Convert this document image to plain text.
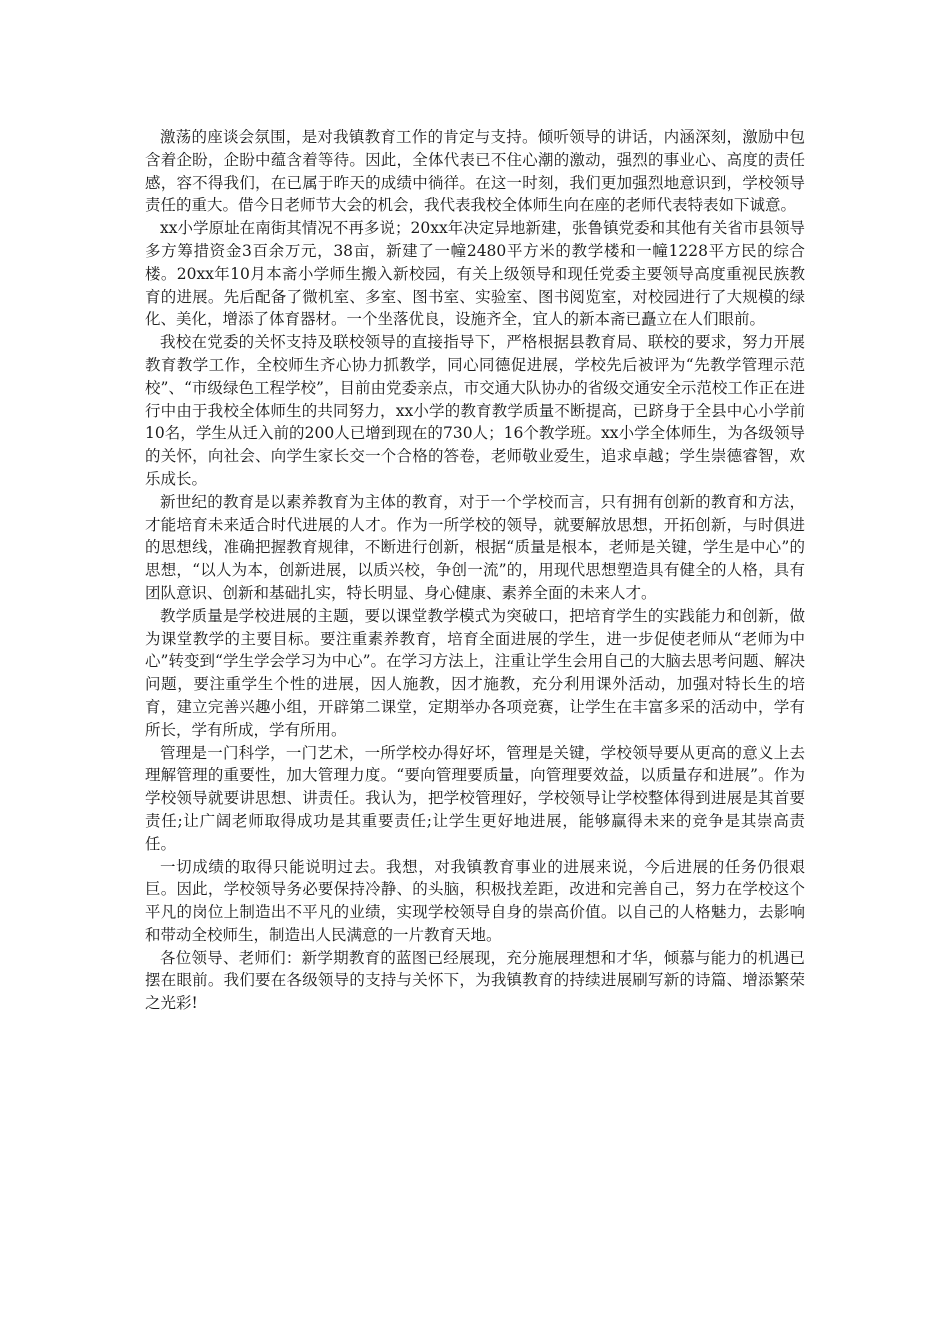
激荡的座谈会氛围，是对我镇教育工作的肯定与支持。倾听领导的讲话，内涵深刻，激励中包含着企盼，企盼中蕴含着等待。因此，全体代表已不住心潮的激动，强烈的事业心、高度的责任感，容不得我们，在已属于昨天的成绩中徜徉。在这一时刻，我们更加强烈地意识到，学校领导责任的重大。借今日老师节大会的机会，我代表我校全体师生向在座的老师代表特表如下诚意。

xx小学原址在南街其情况不再多说；20xx年决定异地新建，张鲁镇党委和其他有关省市县领导多方筹措资金3百余万元，38亩，新建了一幢2480平方米的教学楼和一幢1228平方民的综合楼。20xx年10月本斋小学师生搬入新校园，有关上级领导和现任党委主要领导高度重视民族教育的进展。先后配备了微机室、多室、图书室、实验室、图书阅览室，对校园进行了大规模的绿化、美化，增添了体育器材。一个坐落优良，设施齐全，宜人的新本斋已矗立在人们眼前。

我校在党委的关怀支持及联校领导的直接指导下，严格根据县教育局、联校的要求，努力开展教育教学工作，全校师生齐心协力抓教学，同心同德促进展，学校先后被评为“先教学管理示范校”、“市级绿色工程学校”，目前由党委亲点，市交通大队协办的省级交通安全示范校工作正在进行中由于我校全体师生的共同努力，xx小学的教育教学质量不断提高，已跻身于全县中心小学前10名，学生从迁入前的200人已增到现在的730人；16个教学班。xx小学全体师生，为各级领导的关怀，向社会、向学生家长交一个合格的答卷，老师敬业爱生，追求卓越；学生崇德睿智，欢乐成长。

新世纪的教育是以素养教育为主体的教育，对于一个学校而言，只有拥有创新的教育和方法，才能培育未来适合时代进展的人才。作为一所学校的领导，就要解放思想，开拓创新，与时俱进的思想线，准确把握教育规律，不断进行创新，根据“质量是根本，老师是关键，学生是中心”的思想，“以人为本，创新进展，以质兴校，争创一流”的，用现代思想塑造具有健全的人格，具有团队意识、创新和基础扎实，特长明显、身心健康、素养全面的未来人才。

教学质量是学校进展的主题，要以课堂教学模式为突破口，把培育学生的实践能力和创新，做为课堂教学的主要目标。要注重素养教育，培育全面进展的学生，进一步促使老师从“老师为中心”转变到“学生学会学习为中心”。在学习方法上，注重让学生会用自己的大脑去思考问题、解决问题，要注重学生个性的进展，因人施教，因才施教，充分利用课外活动，加强对特长生的培育，建立完善兴趣小组，开辟第二课堂，定期举办各项竞赛，让学生在丰富多采的活动中，学有所长，学有所成，学有所用。

管理是一门科学，一门艺术，一所学校办得好坏，管理是关键，学校领导要从更高的意义上去理解管理的重要性，加大管理力度。“要向管理要质量，向管理要效益，以质量存和进展”。作为学校领导就要讲思想、讲责任。我认为，把学校管理好，学校领导让学校整体得到进展是其首要责任;让广阔老师取得成功是其重要责任;让学生更好地进展，能够赢得未来的竞争是其崇高责任。

一切成绩的取得只能说明过去。我想，对我镇教育事业的进展来说，今后进展的任务仍很艰巨。因此，学校领导务必要保持冷静、的头脑，积极找差距，改进和完善自己，努力在学校这个平凡的岗位上制造出不平凡的业绩，实现学校领导自身的崇高价值。以自己的人格魅力，去影响和带动全校师生，制造出人民满意的一片教育天地。

各位领导、老师们：新学期教育的蓝图已经展现，充分施展理想和才华，倾慕与能力的机遇已摆在眼前。我们要在各级领导的支持与关怀下，为我镇教育的持续进展刷写新的诗篇、增添繁荣之光彩!
